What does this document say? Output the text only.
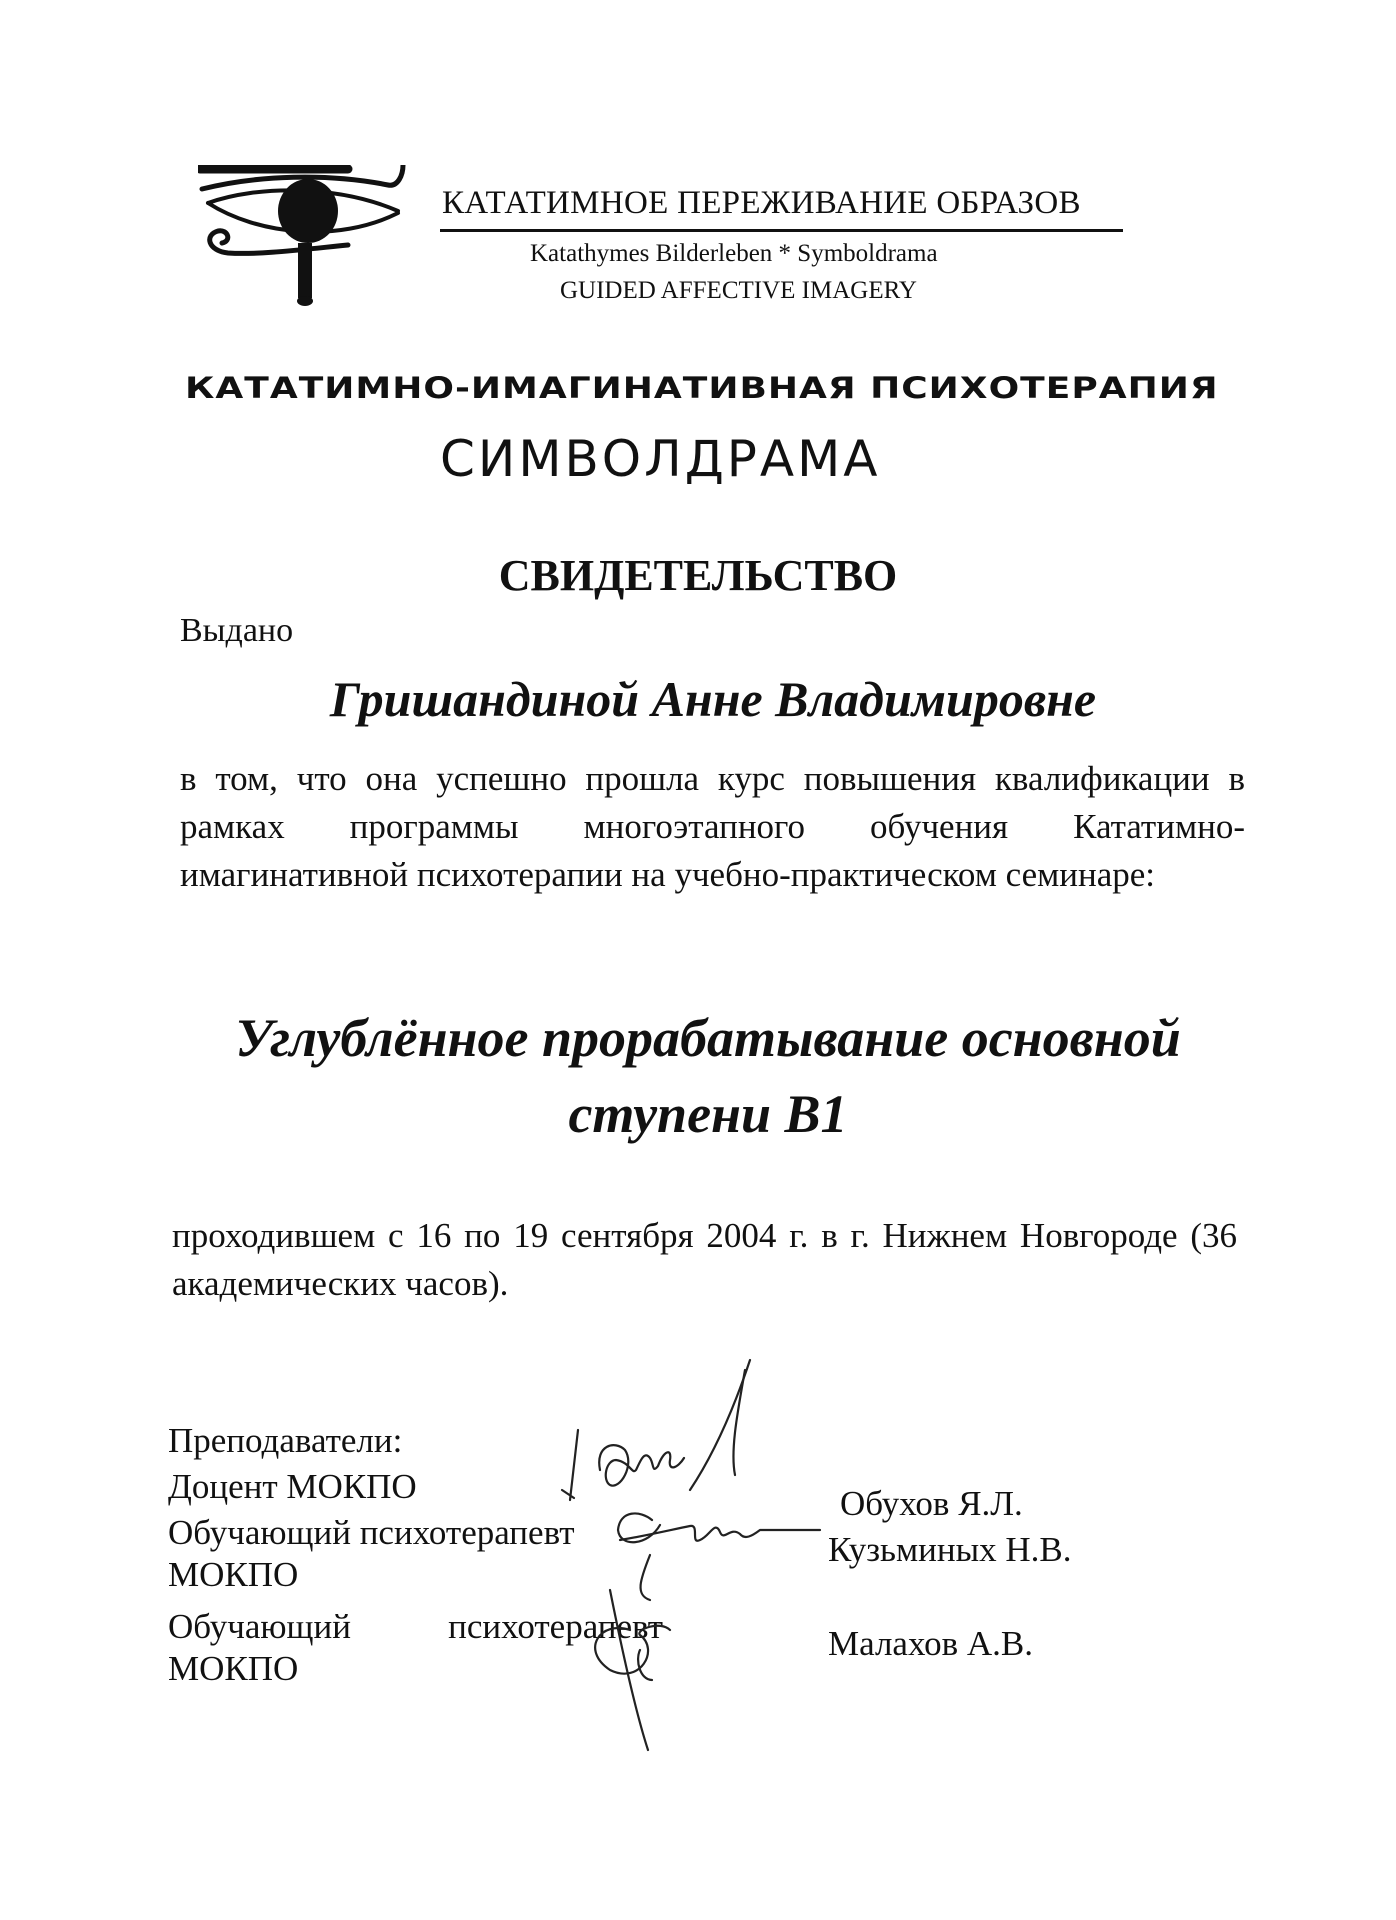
КАТАТИМНОЕ ПЕРЕЖИВАНИЕ ОБРАЗОВ
Katathymes Bilderleben * Symboldrama
GUIDED AFFECTIVE IMAGERY
КАТАТИМНО-ИМАГИНАТИВНАЯ ПСИХОТЕРАПИЯ
СИМВОЛДРАМА
СВИДЕТЕЛЬСТВО
Выдано
Гришандиной Анне Владимировне
в том, что она успешно прошла курс повышения квалификации в рамках программы многоэтапного обучения Кататимно-имагинативной психотерапии на учебно-практическом семинаре:
Углублённое прорабатывание основной
ступени В1
проходившем с 16 по 19 сентября 2004 г. в г. Нижнем Новгороде (36 академических часов).
Преподаватели:
Доцент МОКПО
Обучающий психотерапевт МОКПО
Обучающий психотерапевт МОКПО
Обухов Я.Л.
Кузьминых Н.В.
Малахов А.В.
